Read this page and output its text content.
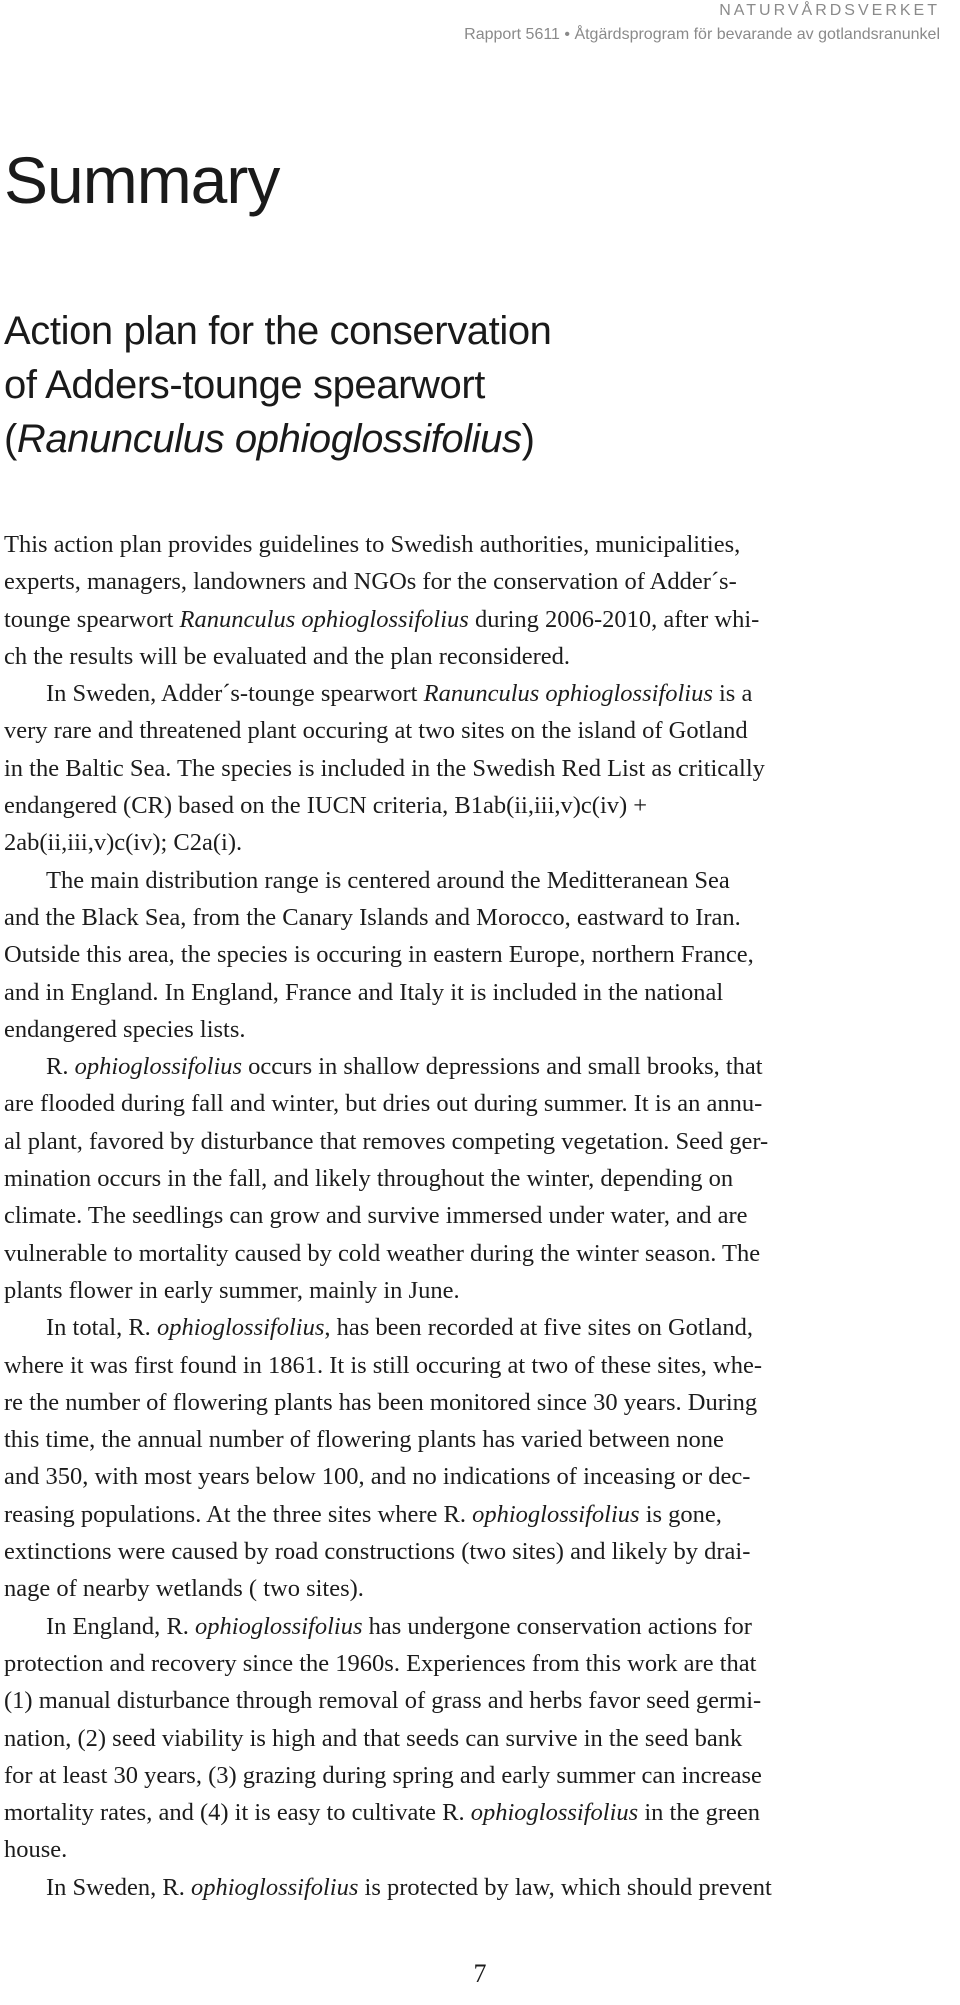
NATURVÅRDSVERKET
Rapport 5611 • Åtgärdsprogram för bevarande av gotlandsranunkel
Summary
Action plan for the conservation
of Adders-tounge spearwort
(Ranunculus ophioglossifolius)

This action plan provides guidelines to Swedish authorities, municipalities,
experts, managers, landowners and NGOs for the conservation of Adder´s-
tounge spearwort Ranunculus ophioglossifolius during 2006-2010, after whi-
ch the results will be evaluated and the plan reconsidered.

In Sweden, Adder´s-tounge spearwort Ranunculus ophioglossifolius is a
very rare and threatened plant occuring at two sites on the island of Gotland
in the Baltic Sea. The species is included in the Swedish Red List as critically
endangered (CR) based on the IUCN criteria, B1ab(ii,iii,v)c(iv) +
2ab(ii,iii,v)c(iv); C2a(i).

The main distribution range is centered around the Meditteranean Sea
and the Black Sea, from the Canary Islands and Morocco, eastward to Iran.
Outside this area, the species is occuring in eastern Europe, northern France,
and in England. In England, France and Italy it is included in the national
endangered species lists.

R. ophioglossifolius occurs in shallow depressions and small brooks, that
are flooded during fall and winter, but dries out during summer. It is an annu-
al plant, favored by disturbance that removes competing vegetation. Seed ger-
mination occurs in the fall, and likely throughout the winter, depending on
climate. The seedlings can grow and survive immersed under water, and are
vulnerable to mortality caused by cold weather during the winter season. The
plants flower in early summer, mainly in June.

In total, R. ophioglossifolius, has been recorded at five sites on Gotland,
where it was first found in 1861. It is still occuring at two of these sites, whe-
re the number of flowering plants has been monitored since 30 years. During
this time, the annual number of flowering plants has varied between none
and 350, with most years below 100, and no indications of inceasing or dec-
reasing populations. At the three sites where R. ophioglossifolius is gone,
extinctions were caused by road constructions (two sites) and likely by drai-
nage of nearby wetlands ( two sites).

In England, R. ophioglossifolius has undergone conservation actions for
protection and recovery since the 1960s. Experiences from this work are that
(1) manual disturbance through removal of grass and herbs favor seed germi-
nation, (2) seed viability is high and that seeds can survive in the seed bank
for at least 30 years, (3) grazing during spring and early summer can increase
mortality rates, and (4) it is easy to cultivate R. ophioglossifolius in the green
house.

In Sweden, R. ophioglossifolius is protected by law, which should prevent

7
